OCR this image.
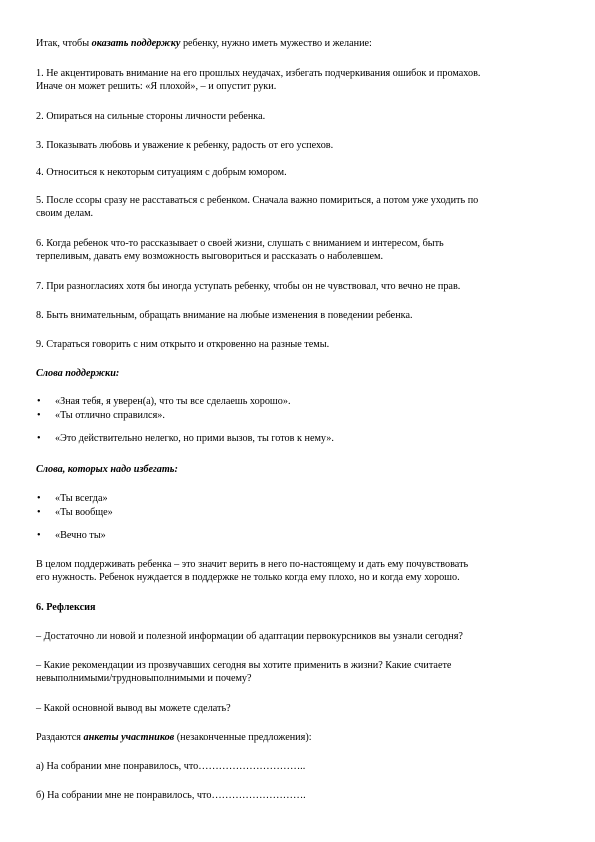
Итак, чтобы оказать поддержку ребенку, нужно иметь мужество и желание:

1. Не акцентировать внимание на его прошлых неудачах, избегать подчеркивания ошибок и промахов.
Иначе он может решить: «Я плохой», – и опустит руки.

2. Опираться на сильные стороны личности ребенка.

3. Показывать любовь и уважение к ребенку, радость от его успехов.

4. Относиться к некоторым ситуациям с добрым юмором.

5. После ссоры сразу не расставаться с ребенком. Сначала важно помириться, а потом уже уходить по
своим делам.

6. Когда ребенок что-то рассказывает о своей жизни, слушать с вниманием и интересом, быть
терпеливым, давать ему возможность выговориться и рассказать о наболевшем.

7. При разногласиях хотя бы иногда уступать ребенку, чтобы он не чувствовал, что вечно не прав.

8. Быть внимательным, обращать внимание на любые изменения в поведении ребенка.

9. Стараться говорить с ним открыто и откровенно на разные темы.

Слова поддержки:

• «Зная тебя, я уверен(а), что ты все сделаешь хорошо».
• «Ты отлично справился».
• «Это действительно нелегко, но прими вызов, ты готов к нему».

Слова, которых надо избегать:

• «Ты всегда»
• «Ты вообще»
• «Вечно ты»

В целом поддерживать ребенка – это значит верить в него по-настоящему и дать ему почувствовать
его нужность. Ребенок нуждается в поддержке не только когда ему плохо, но и когда ему хорошо.

6. Рефлексия

– Достаточно ли новой и полезной информации об адаптации первокурсников вы узнали сегодня?

– Какие рекомендации из прозвучавших сегодня вы хотите применить в жизни? Какие считаете
невыполнимыми/трудновыполнимыми и почему?

– Какой основной вывод вы можете сделать?

Раздаются анкеты участников (незаконченные предложения):

а) На собрании мне понравилось, что…………………………..

б) На собрании мне не понравилось, что……………………….
